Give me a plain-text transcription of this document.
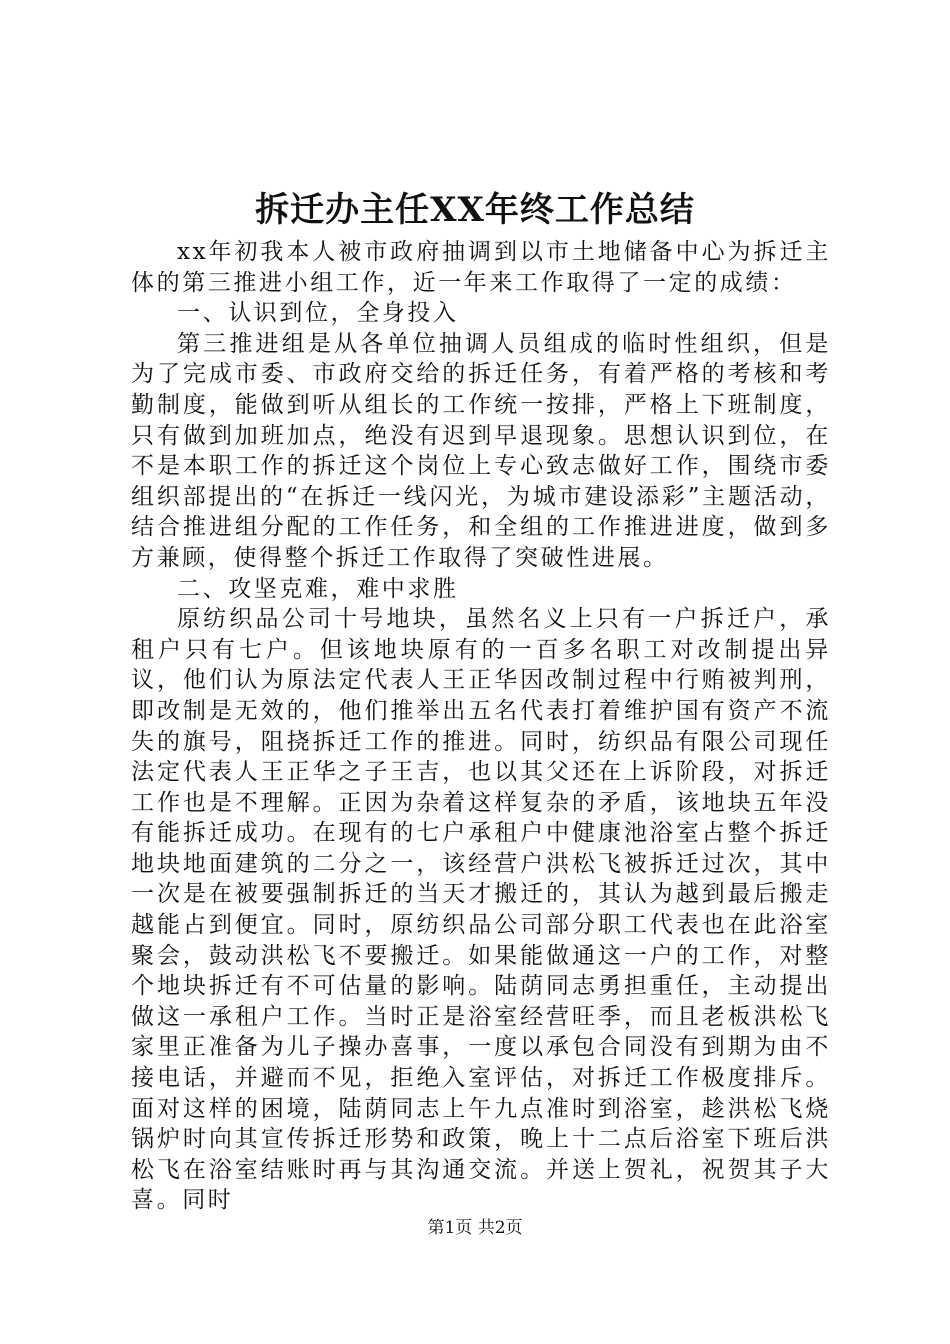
拆迁办主任XX年终工作总结

xx年初我本人被市政府抽调到以市土地储备中心为拆迁主体的第三推进小组工作，近一年来工作取得了一定的成绩：

一、认识到位，全身投入

第三推进组是从各单位抽调人员组成的临时性组织，但是为了完成市委、市政府交给的拆迁任务，有着严格的考核和考勤制度，能做到听从组长的工作统一按排，严格上下班制度，只有做到加班加点，绝没有迟到早退现象。思想认识到位，在不是本职工作的拆迁这个岗位上专心致志做好工作，围绕市委组织部提出的“在拆迁一线闪光，为城市建设添彩”主题活动，结合推进组分配的工作任务，和全组的工作推进进度，做到多方兼顾，使得整个拆迁工作取得了突破性进展。

二、攻坚克难，难中求胜

原纺织品公司十号地块，虽然名义上只有一户拆迁户，承租户只有七户。但该地块原有的一百多名职工对改制提出异议，他们认为原法定代表人王正华因改制过程中行贿被判刑，即改制是无效的，他们推举出五名代表打着维护国有资产不流失的旗号，阻挠拆迁工作的推进。同时，纺织品有限公司现任法定代表人王正华之子王吉，也以其父还在上诉阶段，对拆迁工作也是不理解。正因为杂着这样复杂的矛盾，该地块五年没有能拆迁成功。在现有的七户承租户中健康池浴室占整个拆迁地块地面建筑的二分之一，该经营户洪松飞被拆迁过次，其中一次是在被要强制拆迁的当天才搬迁的，其认为越到最后搬走越能占到便宜。同时，原纺织品公司部分职工代表也在此浴室聚会，鼓动洪松飞不要搬迁。如果能做通这一户的工作，对整个地块拆迁有不可估量的影响。陆荫同志勇担重任，主动提出做这一承租户工作。当时正是浴室经营旺季，而且老板洪松飞家里正准备为儿子操办喜事，一度以承包合同没有到期为由不接电话，并避而不见，拒绝入室评估，对拆迁工作极度排斥。面对这样的困境，陆荫同志上午九点准时到浴室，趁洪松飞烧锅炉时向其宣传拆迁形势和政策，晚上十二点后浴室下班后洪松飞在浴室结账时再与其沟通交流。并送上贺礼，祝贺其子大喜。同时

第1页 共2页
